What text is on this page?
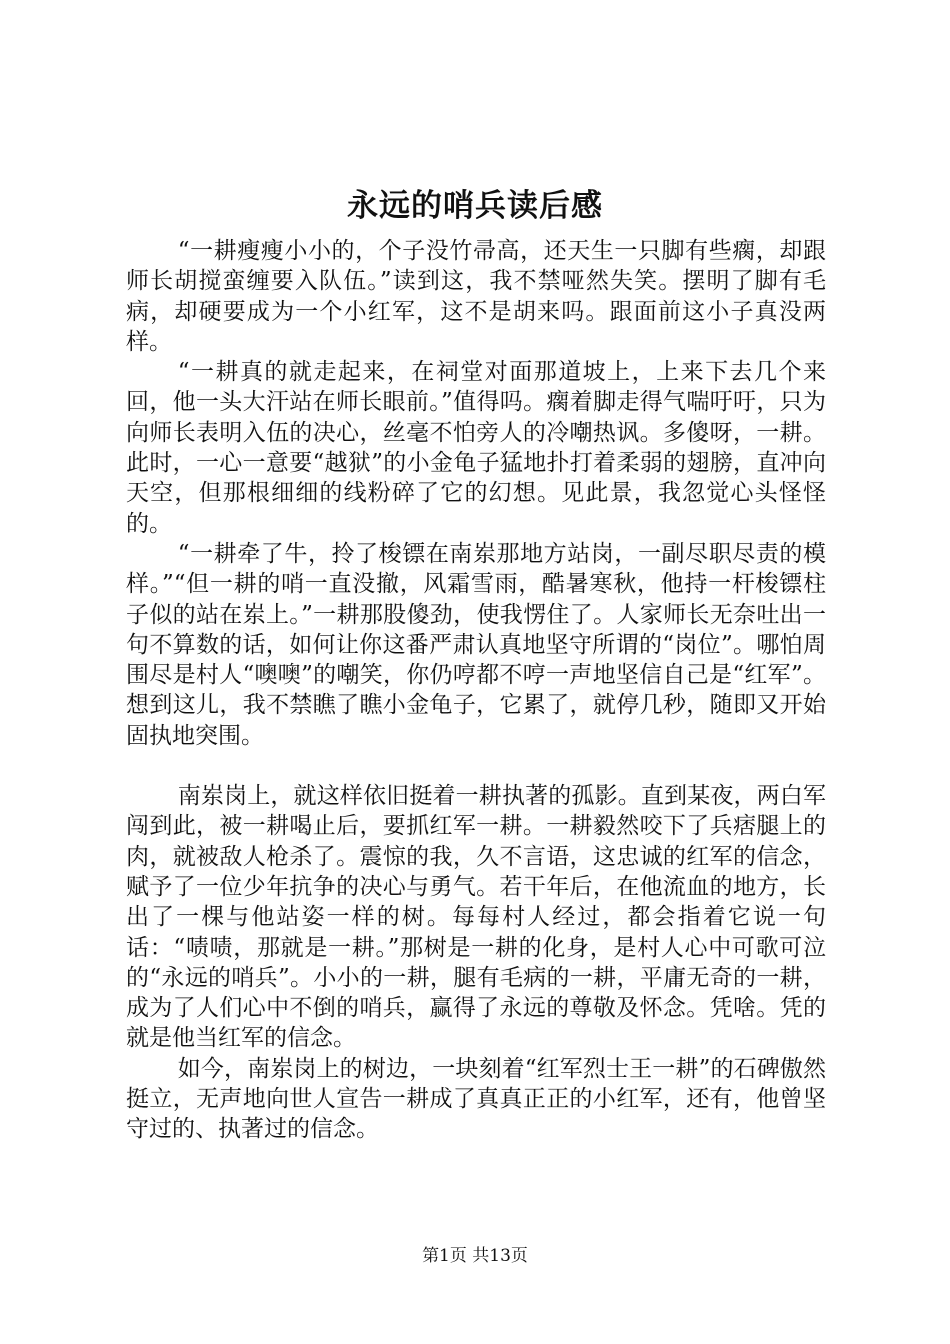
永远的哨兵读后感

“一耕瘦瘦小小的，个子没竹帚高，还天生一只脚有些瘸，却跟师长胡搅蛮缠要入队伍。”读到这，我不禁哑然失笑。摆明了脚有毛病，却硬要成为一个小红军，这不是胡来吗。跟面前这小子真没两样。

“一耕真的就走起来，在祠堂对面那道坡上，上来下去几个来回，他一头大汗站在师长眼前。”值得吗。瘸着脚走得气喘吁吁，只为向师长表明入伍的决心，丝毫不怕旁人的冷嘲热讽。多傻呀，一耕。此时，一心一意要“越狱”的小金龟子猛地扑打着柔弱的翅膀，直冲向天空，但那根细细的线粉碎了它的幻想。见此景，我忽觉心头怪怪的。

“一耕牵了牛，拎了梭镖在南岽那地方站岗，一副尽职尽责的模样。”“但一耕的哨一直没撤，风霜雪雨，酷暑寒秋，他持一杆梭镖柱子似的站在岽上。”一耕那股傻劲，使我愣住了。人家师长无奈吐出一句不算数的话，如何让你这番严肃认真地坚守所谓的“岗位”。哪怕周围尽是村人“噢噢”的嘲笑，你仍哼都不哼一声地坚信自己是“红军”。想到这儿，我不禁瞧了瞧小金龟子，它累了，就停几秒，随即又开始固执地突围。

南岽岗上，就这样依旧挺着一耕执著的孤影。直到某夜，两白军闯到此，被一耕喝止后，要抓红军一耕。一耕毅然咬下了兵痞腿上的肉，就被敌人枪杀了。震惊的我，久不言语，这忠诚的红军的信念，赋予了一位少年抗争的决心与勇气。若干年后，在他流血的地方，长出了一棵与他站姿一样的树。每每村人经过，都会指着它说一句话：“啧啧，那就是一耕。”那树是一耕的化身，是村人心中可歌可泣的“永远的哨兵”。小小的一耕，腿有毛病的一耕，平庸无奇的一耕，成为了人们心中不倒的哨兵，赢得了永远的尊敬及怀念。凭啥。凭的就是他当红军的信念。

如今，南岽岗上的树边，一块刻着“红军烈士王一耕”的石碑傲然挺立，无声地向世人宣告一耕成了真真正正的小红军，还有，他曾坚守过的、执著过的信念。

第1页 共13页
